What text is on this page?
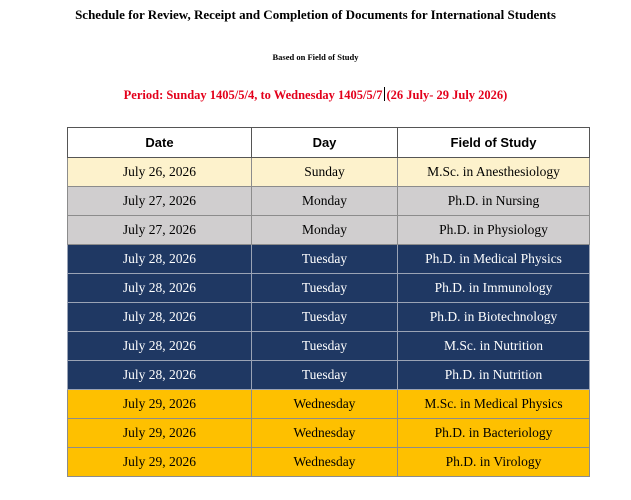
Schedule for Review, Receipt and Completion of Documents for International Students
Based on Field of Study
Period: Sunday 1405/5/4, to Wednesday 1405/5/7 (26 July- 29 July 2026)
Date	Day	Field of Study
July 26, 2026	Sunday	M.Sc. in Anesthesiology
July 27, 2026	Monday	Ph.D. in Nursing
July 27, 2026	Monday	Ph.D. in Physiology
July 28, 2026	Tuesday	Ph.D. in Medical Physics
July 28, 2026	Tuesday	Ph.D. in Immunology
July 28, 2026	Tuesday	Ph.D. in Biotechnology
July 28, 2026	Tuesday	M.Sc. in Nutrition
July 28, 2026	Tuesday	Ph.D. in Nutrition
July 29, 2026	Wednesday	M.Sc. in Medical Physics
July 29, 2026	Wednesday	Ph.D. in Bacteriology
July 29, 2026	Wednesday	Ph.D. in Virology
